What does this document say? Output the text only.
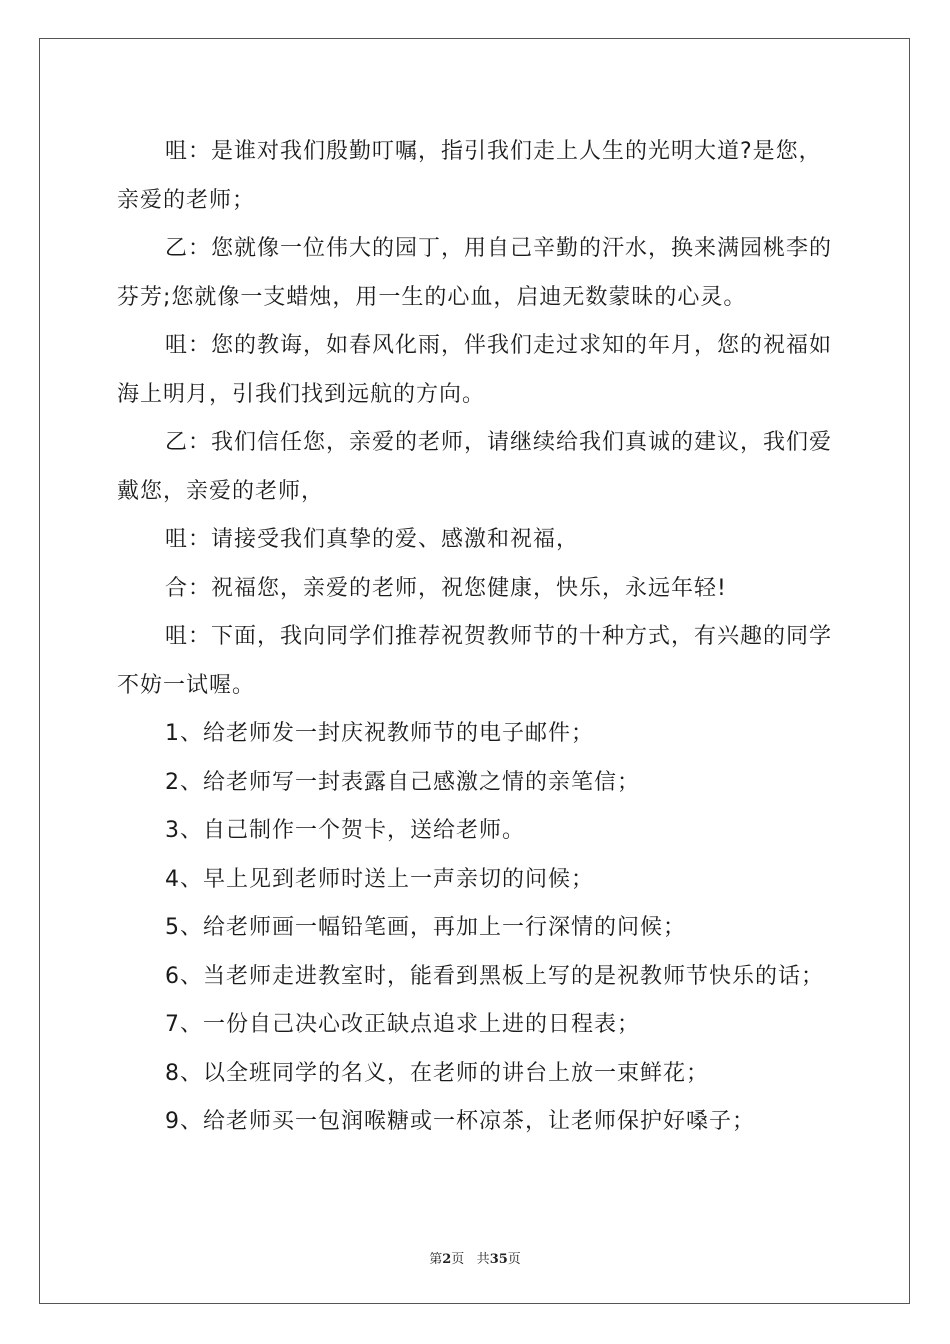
咀：是谁对我们殷勤叮嘱，指引我们走上人生的光明大道?是您，亲爱的老师；

乙：您就像一位伟大的园丁，用自己辛勤的汗水，换来满园桃李的芬芳;您就像一支蜡烛，用一生的心血，启迪无数蒙昧的心灵。

咀：您的教诲，如春风化雨，伴我们走过求知的年月，您的祝福如海上明月，引我们找到远航的方向。

乙：我们信任您，亲爱的老师，请继续给我们真诚的建议，我们爱戴您，亲爱的老师，

咀：请接受我们真挚的爱、感激和祝福，

合：祝福您，亲爱的老师，祝您健康，快乐，永远年轻!

咀：下面，我向同学们推荐祝贺教师节的十种方式，有兴趣的同学不妨一试喔。

1、给老师发一封庆祝教师节的电子邮件；

2、给老师写一封表露自己感激之情的亲笔信；

3、自己制作一个贺卡，送给老师。

4、早上见到老师时送上一声亲切的问候；

5、给老师画一幅铅笔画，再加上一行深情的问候；

6、当老师走进教室时，能看到黑板上写的是祝教师节快乐的话；

7、一份自己决心改正缺点追求上进的日程表；

8、以全班同学的名义，在老师的讲台上放一束鲜花；

9、给老师买一包润喉糖或一杯凉茶，让老师保护好嗓子；

第2页 共35页
